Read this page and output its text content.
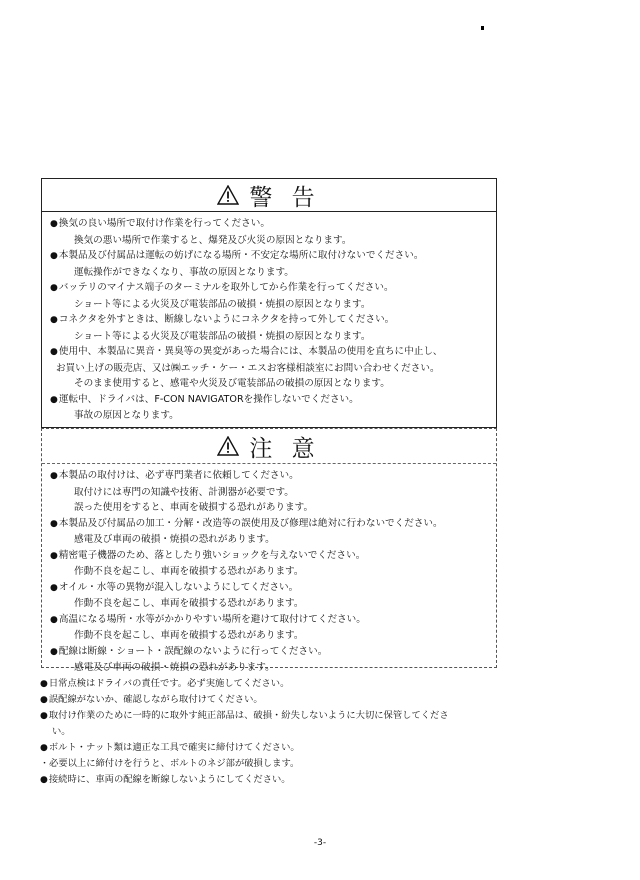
警 告
● 換気の良い場所で取付け作業を行ってください。
換気の悪い場所で作業すると、爆発及び火災の原因となります。
● 本製品及び付属品は運転の妨げになる場所・不安定な場所に取付けないでください。
運転操作ができなくなり、事故の原因となります。
● バッテリのマイナス端子のターミナルを取外してから作業を行ってください。
ショート等による火災及び電装部品の破損・焼損の原因となります。
● コネクタを外すときは、断線しないようにコネクタを持って外してください。
ショート等による火災及び電装部品の破損・焼損の原因となります。
● 使用中、本製品に異音・異臭等の異変があった場合には、本製品の使用を直ちに中止し、
お買い上げの販売店、又は㈱エッチ・ケー・エスお客様相談室にお問い合わせください。
そのまま使用すると、感電や火災及び電装部品の破損の原因となります。
● 運転中、ドライバは、F-CON NAVIGATORを操作しないでください。
事故の原因となります。
注 意
● 本製品の取付けは、必ず専門業者に依頼してください。
取付けには専門の知識や技術、計測器が必要です。
誤った使用をすると、車両を破損する恐れがあります。
● 本製品及び付属品の加工・分解・改造等の誤使用及び修理は絶対に行わないでください。
感電及び車両の破損・焼損の恐れがあります。
● 精密電子機器のため、落としたり強いショックを与えないでください。
作動不良を起こし、車両を破損する恐れがあります。
● オイル・水等の異物が混入しないようにしてください。
作動不良を起こし、車両を破損する恐れがあります。
● 高温になる場所・水等がかかりやすい場所を避けて取付けてください。
作動不良を起こし、車両を破損する恐れがあります。
● 配線は断線・ショート・誤配線のないように行ってください。
感電及び車両の破損・焼損の恐れがあります。
● 日常点検はドライバの責任です。必ず実施してください。
● 誤配線がないか、確認しながら取付けてください。
● 取付け作業のために一時的に取外す純正部品は、破損・紛失しないように大切に保管してくださ
い。
● ボルト・ナット類は適正な工具で確実に締付けてください。
・ 必要以上に締付けを行うと、ボルトのネジ部が破損します。
● 接続時に、車両の配線を断線しないようにしてください。
-3-
